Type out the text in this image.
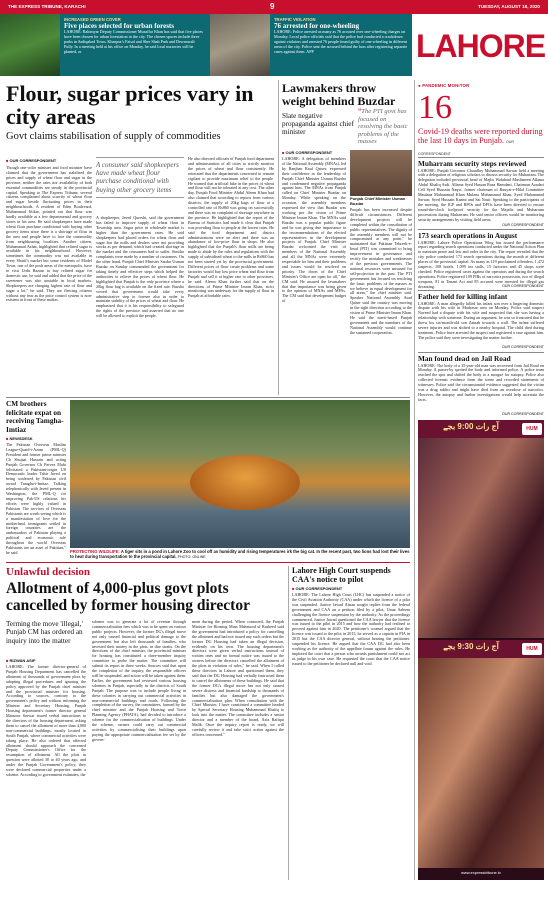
THE EXPRESS TRIBUNE, KARACHI	9	TUESDAY, AUGUST 18, 2020
INCREASED GREEN COVER
Five places selected for urban forests
LAHORE: Rahimyar Deputy Commissioner Muzaffar Khan has said that five places have been chosen for urban forestation in the city. The chosen spaces include three parks in Sadiqabad Town, Khanpur's Faisal and Sher Shah Park and Dewanwali Pully. In a meeting held at his office on Monday, he said local nurseries will be planted, or
TRAFFIC VIOLATION
76 arrested for one-wheeling
LAHORE: Police arrested as many as 76 accused over one-wheeling charges on Monday. Local police officials said that the police had conducted a crackdown against violators and arrested 76 people found guilty of one-wheeling in different areas of the city. Police sent the accused behind the bars after registering separate cases against them. APP	LAHORE
Flour, sugar prices vary in city areas
Govt claims stabilisation of supply of commodities
■ OUR CORRESPONDENT
Though one-color minister and food minister have claimed that the government has stabilised the prices and supply of wheat flour and sugar in the province, neither the rates nor availability of both essential commodities are steady in the provincial capital. Speaking to The Express Tribune, several citizens complained about scarcity of wheat flour and sugar beside fluctuating prices in their neighbourhoods. A resident of Eden Boulevard, Muhammad Iftikar, pointed out that flour was hardly available at a few departmental and grocery stores in his area. He said shopkeepers have made wheat flour purchase conditional with buying other grocery items since there is a shortage of flour in the area and people have to face the commodity from neighbouring localities. Another citizen, Muhammad Azhar, highlighted that refined sugar is available in his neighbourhood. However, sometimes the commodity was not available in every Sharif's market but some residents of Model Town, one of the posh areas of the metropolis, have to visit Urdu Bazaar to buy refined sugar for domestic use, he said and added that the price of the sweetener was also unstable in local markets. Shopkeepers are charging highest rate of flour and sugar a lot," he said. They are fleecing citizens without any fear as the price control system is non-existent in front of these mafias.
A consumer said shopkeepers have made wheat flour purchase conditional with buying other grocery items
A shopkeeper, Javed Qureshi, said the government has failed to improve supply of wheat flour in Township area. Sugar price in wholesale market is higher than the government rates. He said shopkeepers had placed orders for wheat flour and sugar but the mills and dealers were not providing stocks as per demand, which had created shortage in the market and the consumers had to suffer. Similar complaints were made by a number of customers. On the other hand, Punjab Chief Minister Sardar Usman Buzdar on Sunday commended the government for taking timely and effective steps which helped the authorities to relieve the prices of wheat flour. He highlighted that Punjab is the only province where a 20kg flour bag is available on the fixed rate. Buzdar vowed that government would take every administrative step to foresee also in order to maintain stability of the prices of wheat and flour. He emphasised that it is his responsibility to safeguard the rights of the province and asserted that no one will be allowed to exploit the people.
He also directed officials of Punjab food department and administration of all cities to strictly monitor the prices of wheat and flour consistently. He reiterated that the departments concerned to remain vigilant to provide maximum relief to the people. He warned that artificial hike in the prices of wheat and flour will not be tolerated at any cost. The other day, Punjab Food Minister Abdul Aleem Khan had also claimed that according to reports from various districts, the supply of 20kg bags of flour at a controlled rate of Rs860 was going on successfully and there was no complaint of shortage anywhere in the province. He highlighted that the report of the Bureau of Statistics had made it clear that Punjab was providing flour to people at the lowest rates. He said the food department and district administrations were on alert and there was an abundance of low-price flour in shops. He also highlighted that the Punjab's flour mills are being made to abide by the rules and regulations with the supply of subsidised wheat to the mills in Rs860 has not been started yet by the provincial government. Different prices of flour create problems and some factories would buy low price wheat and flour from Punjab and sell it at higher rate to other provinces, he said. Aleem Khan further said that on the directions of Prime Minister Imran Khan, strict monitoring was underway for the supply of flour in Punjab at affordable rates.
Lawmakers throw weight behind Buzdar
Slate negative propaganda against chief minister
“The PTI govt has focused on resolving the basic problems of the masses
■ OUR CORRESPONDENT
LAHORE: A delegation of members of the National Assembly (MNAs), led by Ranjhan Rauf Qaiser, expressed their confidence in the leadership of Punjab Chief Minister Usman Buzdar and condemned negative propaganda against him. The MNAs from Punjab called on Chief Minister Buzdar on Monday. While speaking on the occasion, the assembly members expressed the view that Buzdar was working per the vision of Prime Minister Imran Khan. The MNAs said Buzdar was a popular public figure and he was giving due importance to the recommendations of the elected representatives in the development projects of Punjab. Chief Minister Buzdar welcomed the visit of members of the National Assembly and all the MNAs were extremely respectable for him and their problems and issues would be resolved on priority. The doors of the Chief Minister's Office are open for all," the CM said. He assured the lawmakers that due importance was being given to the opinion of MNAs and MPAs. The CM said that development budget of
Punjab Chief Minister Usman Buzdar
Punjab has been increased despite difficult circumstances. Different development projects will be completed within the consultation of public representatives. The dignity of the assembly members will not be compromised at any point," he maintained that Pakistan Tehreek-e-Insaf (PTI) was committed to bring improvement in governance and rectify the mistakes and weaknesses of the previous governments. The national resources were misused for self-projection in the past. The PTI government has focused on resolving the basic problems of the masses as we believe in equal development for all areas," the chief minister said. Speaker National Assembly Asad Qaiser said the country was moving in the right direction according to the vision of Prime Minister Imran Khan. He said the merit-based Punjab government and the members of the National Assembly would continue the sustained cooperation.
● PANDEMIC MONITOR
16
Covid-19 deaths were reported during the last 10 days in Punjab. OUR CORRESPONDENT
Muharram security steps reviewed
LAHORE: Punjab Governor Chaudhry Muhammad Sarwar held a meeting with a delegation of religious scholars to discuss security for Muharram. The delegation included provincial head of Majlis Wahdatul Muslimeen Allama Abdul Khaliq Asdi, Allama Syed Hassan Raza Hamdani, Chairman Azadari Cell Syed Hussain Naqvi, former chairman of Ruuyat-e-Hilal Committee Maulana Muhammad Khan Mulana Muhammad Khan, Syed Muhammad Sarwar, Syed Hussain Kazmi and Sai Nasir. Speaking to the participants of the meeting, the IGP and RPOs and DPOs have been directed to ensure round-the-clock foolproof security for the Majalis and Muharram processions during Muharram. He said senior officers would be monitoring security arrangements by visiting field areas.
OUR CORRESPONDENT
173 search operations in August
LAHORE: Lahore Police Operations Wing has issued the performance report regarding search operations conducted under the National Action Plan to maintain peace and law and order in the city. The report revealed that the city police conducted 173 search operations during the month at different places of the provincial capital. As many as 119 proclaimed offenders, 1,472 suspects, 108 hotels, 1,099 tea stalls, 15 factories and 45 shops were checked. Police registered cases against the operators and during the search operations. Police registered 109 FIRs of narcotics possession, two of illegal weapons, 81 in Tenant Act and 85 accused were arrested for illegal gas decanting.	OUR CORRESPONDENT
Father held for killing infant
LAHORE: A man allegedly killed his infant son over a lingering domestic dispute with his wife in Mudrasar area on Monday. Police said suspect Naveed had a dispute with his wife and suspected that she was having a relationship with someone. During an argument, he was so frustrated that he threw his six-month-old son Zainab towards a wall. The infant suffered severe injuries and was shifted to a nearby hospital. The child died during treatment. Police have arrested the suspect and registered a case against him. The police said they were investigating the matter further.
OUR CORRESPONDENT
Man found dead on Jail Road
LAHORE: The body of a 35-year-old man was recovered from Jail Road on Monday. A passer-by spotted the body and informed police. A police team reached the spot and shifted the body to a morgue for autopsy. Police also collected forensic evidence from the scene and recorded statements of witnesses. Police said the circumstantial evidence suggested that the victim was a drug addict and might have died from an overdose of narcotics. However, the autopsy and further investigations would help ascertain the facts.
OUR CORRESPONDENT
آج رات 9:00 بجے	HUM
آج رات 9:30 بجے	HUM
www.expresstribune.tv
CM brothers felicitate expat on receiving Tamgha-Imtiaz
■ NEWSDESK
The Pakistan Overseas Muslim League-Quaid-i-Azam (PML-Q) President and former prime minister Ch Shujaat Hussain and acting Punjab Governor Ch Parvez Elahi felicitated a Pakistani-origin US Democratic leader Tahir Javed on being conferred by Pakistan civil award Tamgha-i-Imtiaz. Talking telephonically with Javed present in Washington, the PML-Q for improving Pak-US relations his efforts were highly valued in Pakistan. The services of Overseas Pakistanis are worth seeing which is a manifestation of love for the motherland, immigrants settled in foreign countries are the ambassadors of Pakistan playing a political and economic role throughout the world Overseas Pakistanis are an asset of Pakistan," he said.	PROTECTING WILDLIFE: A tiger sits in a pond in Lahore Zoo to cool off as humidity and rising temperatures irk the big cat. In the recent past, two lions had lost their lives to heat during transportation to the provincial capital. PHOTO: ONLINE
Unlawful decision
Allotment of 4,000-plus govt plots cancelled by former housing director
Terming the move 'illegal,' Punjab CM has ordered an inquiry into the matter
■ RIZWAN ASIF
LAHORE: The former director-general of Punjab Housing Department has cancelled the allotment of thousands of government plots by adopting illegal procedures and ignoring the policy approved by the Punjab chief minister and the provincial minister for housing. According to sources, contrary to the government's policy and without informing the Minister and Secretary Housing, Punjab Housing department's former director general Mansoor Sarwar issued verbal instructions to the directors of the housing department, asking them to cancel the allotment of more than 4,000 non-commercial buildings, mostly located in South Punjab, where commercial activities were taking place. He also ordered that affected allotment should approach the concerned Deputy Commissioner's Office for the resumption of allotment. All the plots in question were allotted 30 to 40 years ago, and under the Punjab Government's policy, they were declared commercial properties under a scheme. According to government estimates, the
scheme was to generate a lot of revenue through commercialisation fees which was to be spent on various public projects. However, the former DG's illegal move not only caused financial and political damage to the government but also left thousands of families, who invested their money in the plots, in dire straits. On the directions of the chief minister, the provincial minister for housing has constituted a three-member inquiry committee to probe the matter. The committee will submit its report in three weeks. Sources said that upon the completion of the inquiry, the responsible officers will be suspended, and action will be taken against them. Earlier, the government had reviewed various housing schemes in Punjab, especially in the districts of South Punjab. The purpose was to include people living in these colonies in carrying out commercial activities in non-commercial buildings and roads. Following the completion of the survey, the committees, formed by the chief minister and the Punjab Housing and Town Planning Agency (PHATA), had decided to introduce a scheme for the commercialisation of buildings. Under the scheme, owners could carry out commercial activities by commercialising their buildings upon paying the appropriate commercialisation fee set by the govern-
ment during the period. When contacted, the Punjab Minister for Housing Mian Mahmood ul Rasheed said the government had introduced a policy for cancelling the allotment and had not issued any such orders but the former DG Housing had taken an illegal decision, evidently on his own. The housing department's directors were given verbal instructions instead of written ones and no formal notice was issued to the owners before the directors cancelled the allotment of the plots in violation of rules," he said. When I called these directors in Lahore and questioned them, they said that the DG Housing had verbally instructed them to cancel the allotments of these buildings. He said that the former DG's illegal move has not only caused severe distress and financial hardship to thousands of families but also damaged the government's commercialisation plan. When consultation with the Chief Minister, I have constituted a committee headed by Special Secretary Housing Muhammad Khaliq to look into the matter. The committee includes a senior director and a member of the board, Aziz Rafiqui Malik. Once the inquiry report is ready, we will carefully review it and take strict action against the officers concerned."
Lahore High Court suspends CAA's notice to pilot
■ OUR CORRESPONDENT
LAHORE: The Lahore High Court (LHC) has suspended a notice of the Civil Aviation Authority (CAA) under which the licence of a pilot was suspended. Justice Jawad Ahsan sought replies from the federal government and CAA on a petition filed by a pilot, Umar Saleem challenging the licence suspension by the authority. As the proceedings commenced, Justice Jawad questioned the CAA lawyer that the licence was issued to the pilot in 2015 and how the authority had realised to proceed against him in 2020. The petitioner's counsel argued that the licence was issued to the pilot in 2015, he served as a captain in PIA in 2015 but the CAA director general, without hearing the petitioner, suspended his licence. He argued that the CAA DG had also been working as the authority of the appellate forum against the rules. He implored the court that a person who awards punishment could not act as judge in his own case. He requested the court that the CAA notice issued to the petitioner be declared null and void.
